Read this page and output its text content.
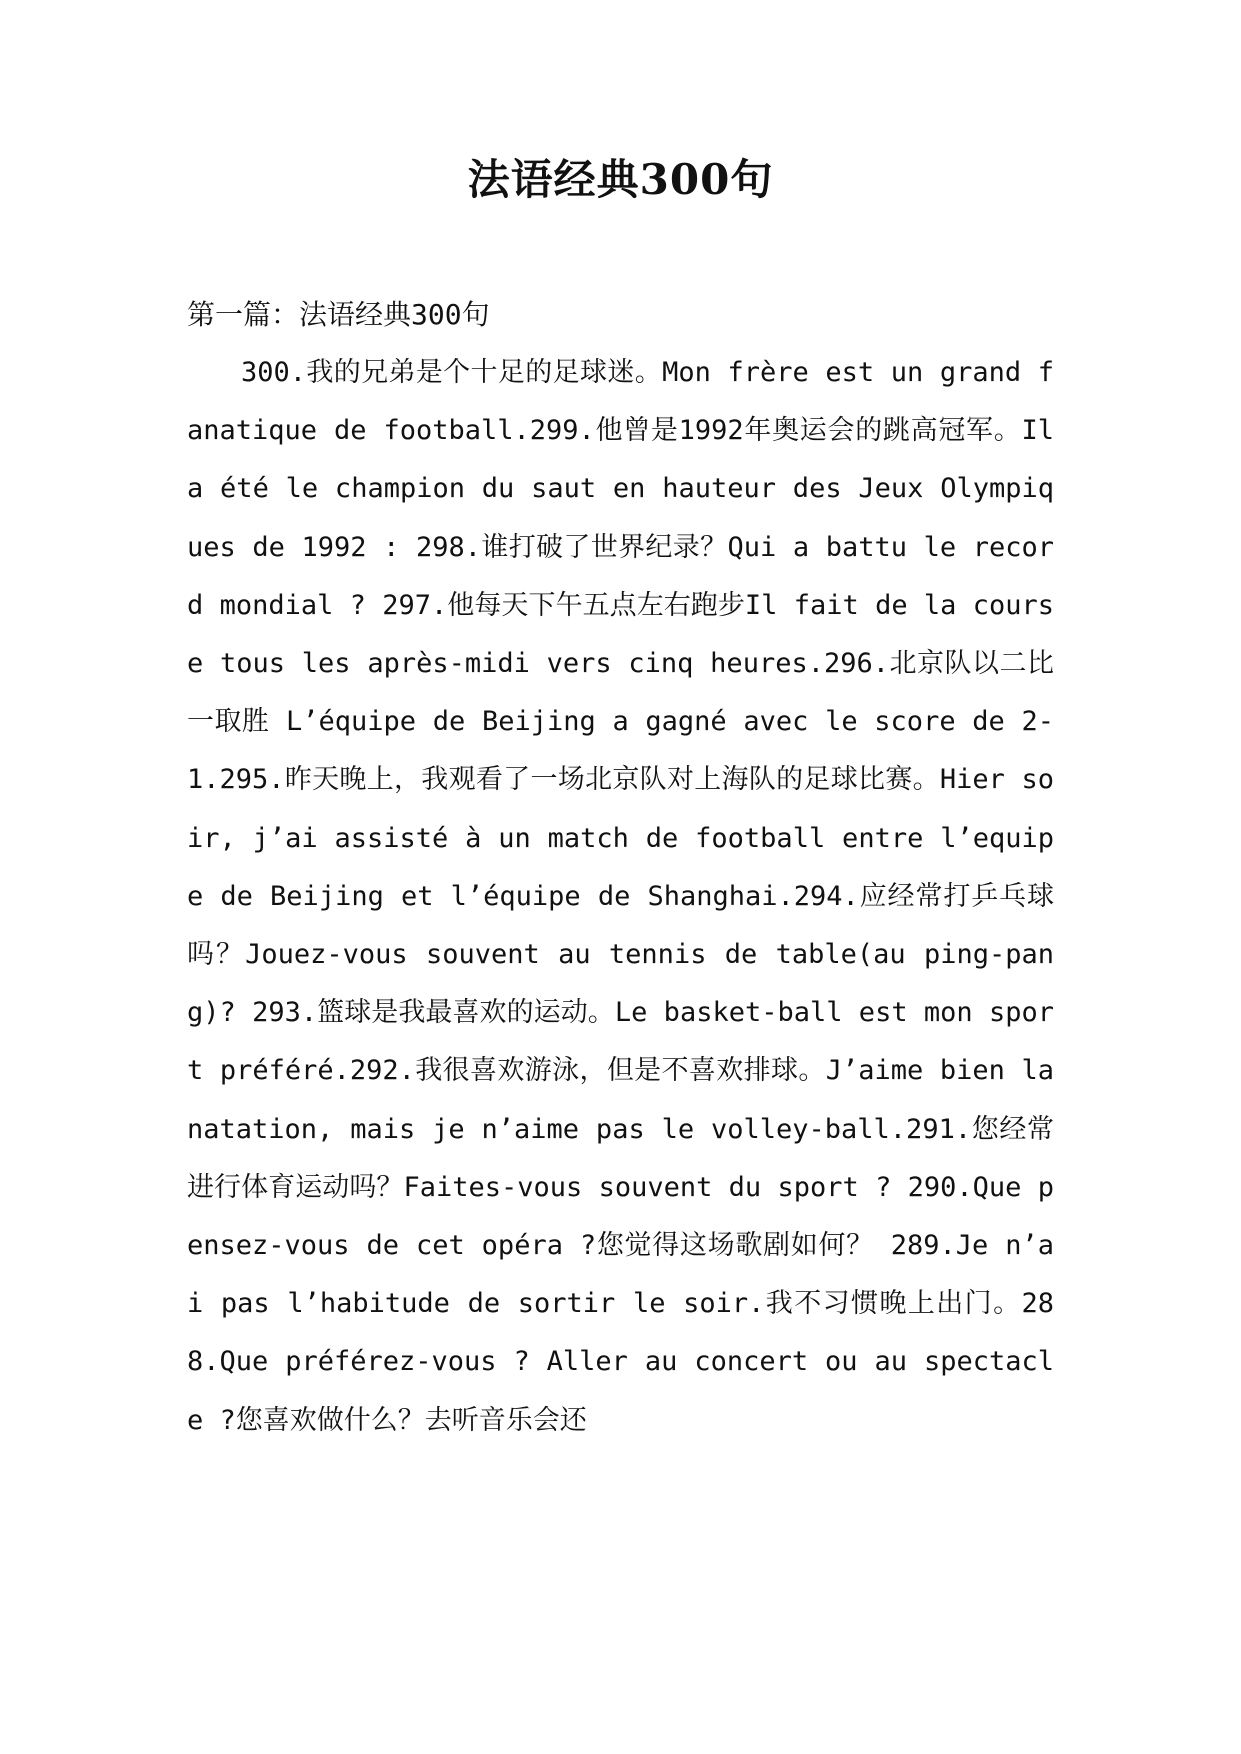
法语经典300句

第一篇：法语经典300句

300.我的兄弟是个十足的足球迷。Mon frère est un grand fanatique de football.299.他曾是1992年奥运会的跳高冠军。Il a été le champion du saut en hauteur des Jeux Olympiques de 1992 : 298.谁打破了世界纪录？Qui a battu le record mondial ? 297.他每天下午五点左右跑步Il fait de la course tous les après-midi vers cinq heures.296.北京队以二比一取胜 L’équipe de Beijing a gagné avec le score de 2-1.295.昨天晚上，我观看了一场北京队对上海队的足球比赛。Hier soir, j’ai assisté à un match de football entre l’equipe de Beijing et l’équipe de Shanghai.294.应经常打乒乓球吗？Jouez-vous souvent au tennis de table(au ping-pang)? 293.篮球是我最喜欢的运动。Le basket-ball est mon sport préféré.292.我很喜欢游泳，但是不喜欢排球。J’aime bien la natation, mais je n’aime pas le volley-ball.291.您经常进行体育运动吗？Faites-vous souvent du sport ? 290.Que pensez-vous de cet opéra ?您觉得这场歌剧如何？ 289.Je n’ai pas l’habitude de sortir le soir.我不习惯晚上出门。288.Que préférez-vous ? Aller au concert ou au spectacle ?您喜欢做什么？去听音乐会还
